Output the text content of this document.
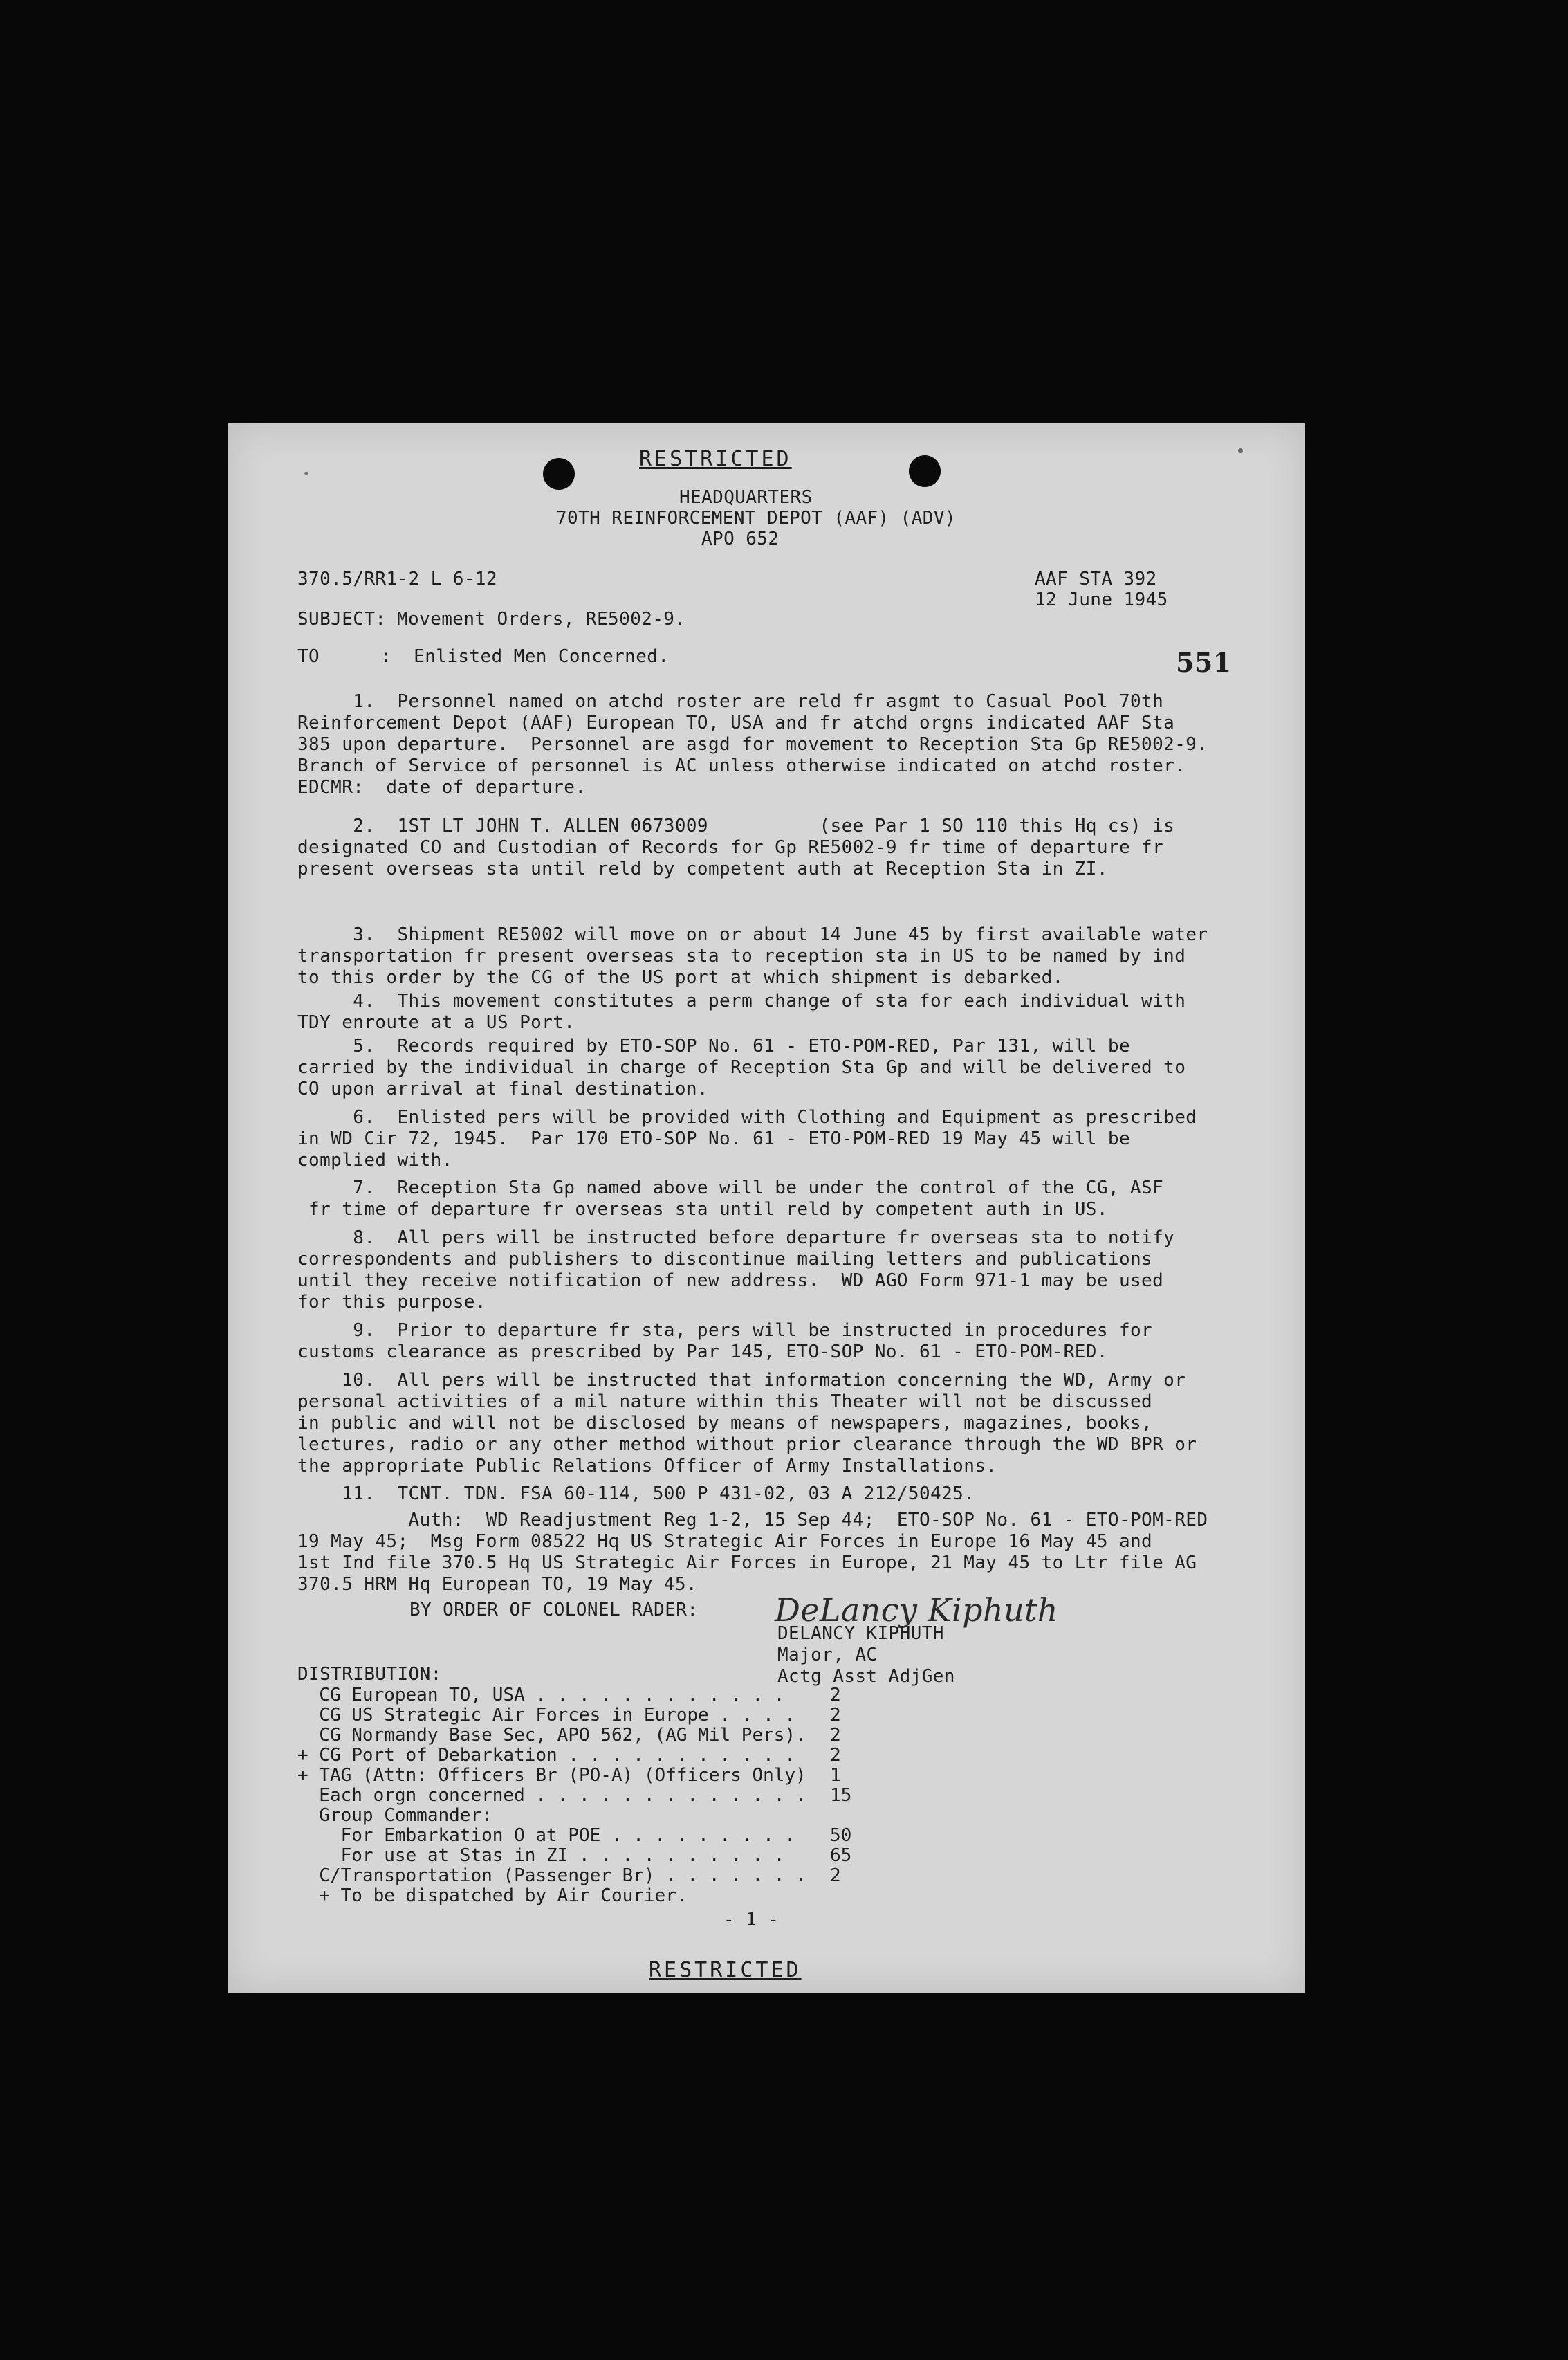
RESTRICTED
HEADQUARTERS
70TH REINFORCEMENT DEPOT (AAF) (ADV)
APO 652
370.5/RR1-2 L 6-12	AAF STA 392
12 June 1945
SUBJECT: Movement Orders, RE5002-9.
TO	:  Enlisted Men Concerned.	551
1.  Personnel named on atchd roster are reld fr asgmt to Casual Pool 70th
Reinforcement Depot (AAF) European TO, USA and fr atchd orgns indicated AAF Sta
385 upon departure.  Personnel are asgd for movement to Reception Sta Gp RE5002-9.
Branch of Service of personnel is AC unless otherwise indicated on atchd roster.
EDCMR:  date of departure.
2.  1ST LT JOHN T. ALLEN 0673009          (see Par 1 SO 110 this Hq cs) is
designated CO and Custodian of Records for Gp RE5002-9 fr time of departure fr
present overseas sta until reld by competent auth at Reception Sta in ZI.
3.  Shipment RE5002 will move on or about 14 June 45 by first available water
transportation fr present overseas sta to reception sta in US to be named by ind
to this order by the CG of the US port at which shipment is debarked.
4.  This movement constitutes a perm change of sta for each individual with
TDY enroute at a US Port.
5.  Records required by ETO-SOP No. 61 - ETO-POM-RED, Par 131, will be
carried by the individual in charge of Reception Sta Gp and will be delivered to
CO upon arrival at final destination.
6.  Enlisted pers will be provided with Clothing and Equipment as prescribed
in WD Cir 72, 1945.  Par 170 ETO-SOP No. 61 - ETO-POM-RED 19 May 45 will be
complied with.
7.  Reception Sta Gp named above will be under the control of the CG, ASF
fr time of departure fr overseas sta until reld by competent auth in US.
8.  All pers will be instructed before departure fr overseas sta to notify
correspondents and publishers to discontinue mailing letters and publications
until they receive notification of new address.  WD AGO Form 971-1 may be used
for this purpose.
9.  Prior to departure fr sta, pers will be instructed in procedures for
customs clearance as prescribed by Par 145, ETO-SOP No. 61 - ETO-POM-RED.
10.  All pers will be instructed that information concerning the WD, Army or
personal activities of a mil nature within this Theater will not be discussed
in public and will not be disclosed by means of newspapers, magazines, books,
lectures, radio or any other method without prior clearance through the WD BPR or
the appropriate Public Relations Officer of Army Installations.
11.  TCNT. TDN. FSA 60-114, 500 P 431-02, 03 A 212/50425.
Auth:  WD Readjustment Reg 1-2, 15 Sep 44;  ETO-SOP No. 61 - ETO-POM-RED
19 May 45;  Msg Form 08522 Hq US Strategic Air Forces in Europe 16 May 45 and
1st Ind file 370.5 Hq US Strategic Air Forces in Europe, 21 May 45 to Ltr file AG
370.5 HRM Hq European TO, 19 May 45.
BY ORDER OF COLONEL RADER: DeLancy Kiphuth
DELANCY KIPHUTH
Major, AC
Actg Asst AdjGen
DISTRIBUTION:
CG European TO, USA . . . . . . . . . . . .	2
CG US Strategic Air Forces in Europe . . . . 2
CG Normandy Base Sec, APO 562, (AG Mil Pers). 2
+ CG Port of Debarkation . . . . . . . . . . . 2
+ TAG (Attn: Officers Br (PO-A) (Officers Only) 1
Each orgn concerned . . . . . . . . . . . . . 15
Group Commander:
For Embarkation O at POE . . . . . . . . . 50
For use at Stas in ZI . . . . . . . . . .	65
C/Transportation (Passenger Br) . . . . . . . 2
+ To be dispatched by Air Courier.
- 1 -
RESTRICTED
